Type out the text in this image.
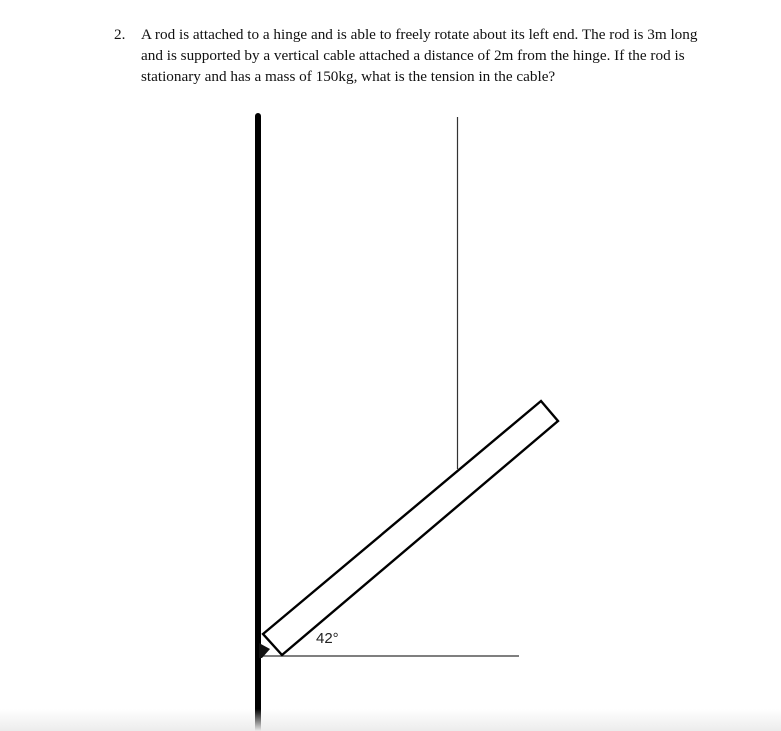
2.	A rod is attached to a hinge and is able to freely rotate about its left end. The rod is 3m long and is supported by a vertical cable attached a distance of 2m from the hinge. If the rod is stationary and has a mass of 150kg, what is the tension in the cable?
42°
